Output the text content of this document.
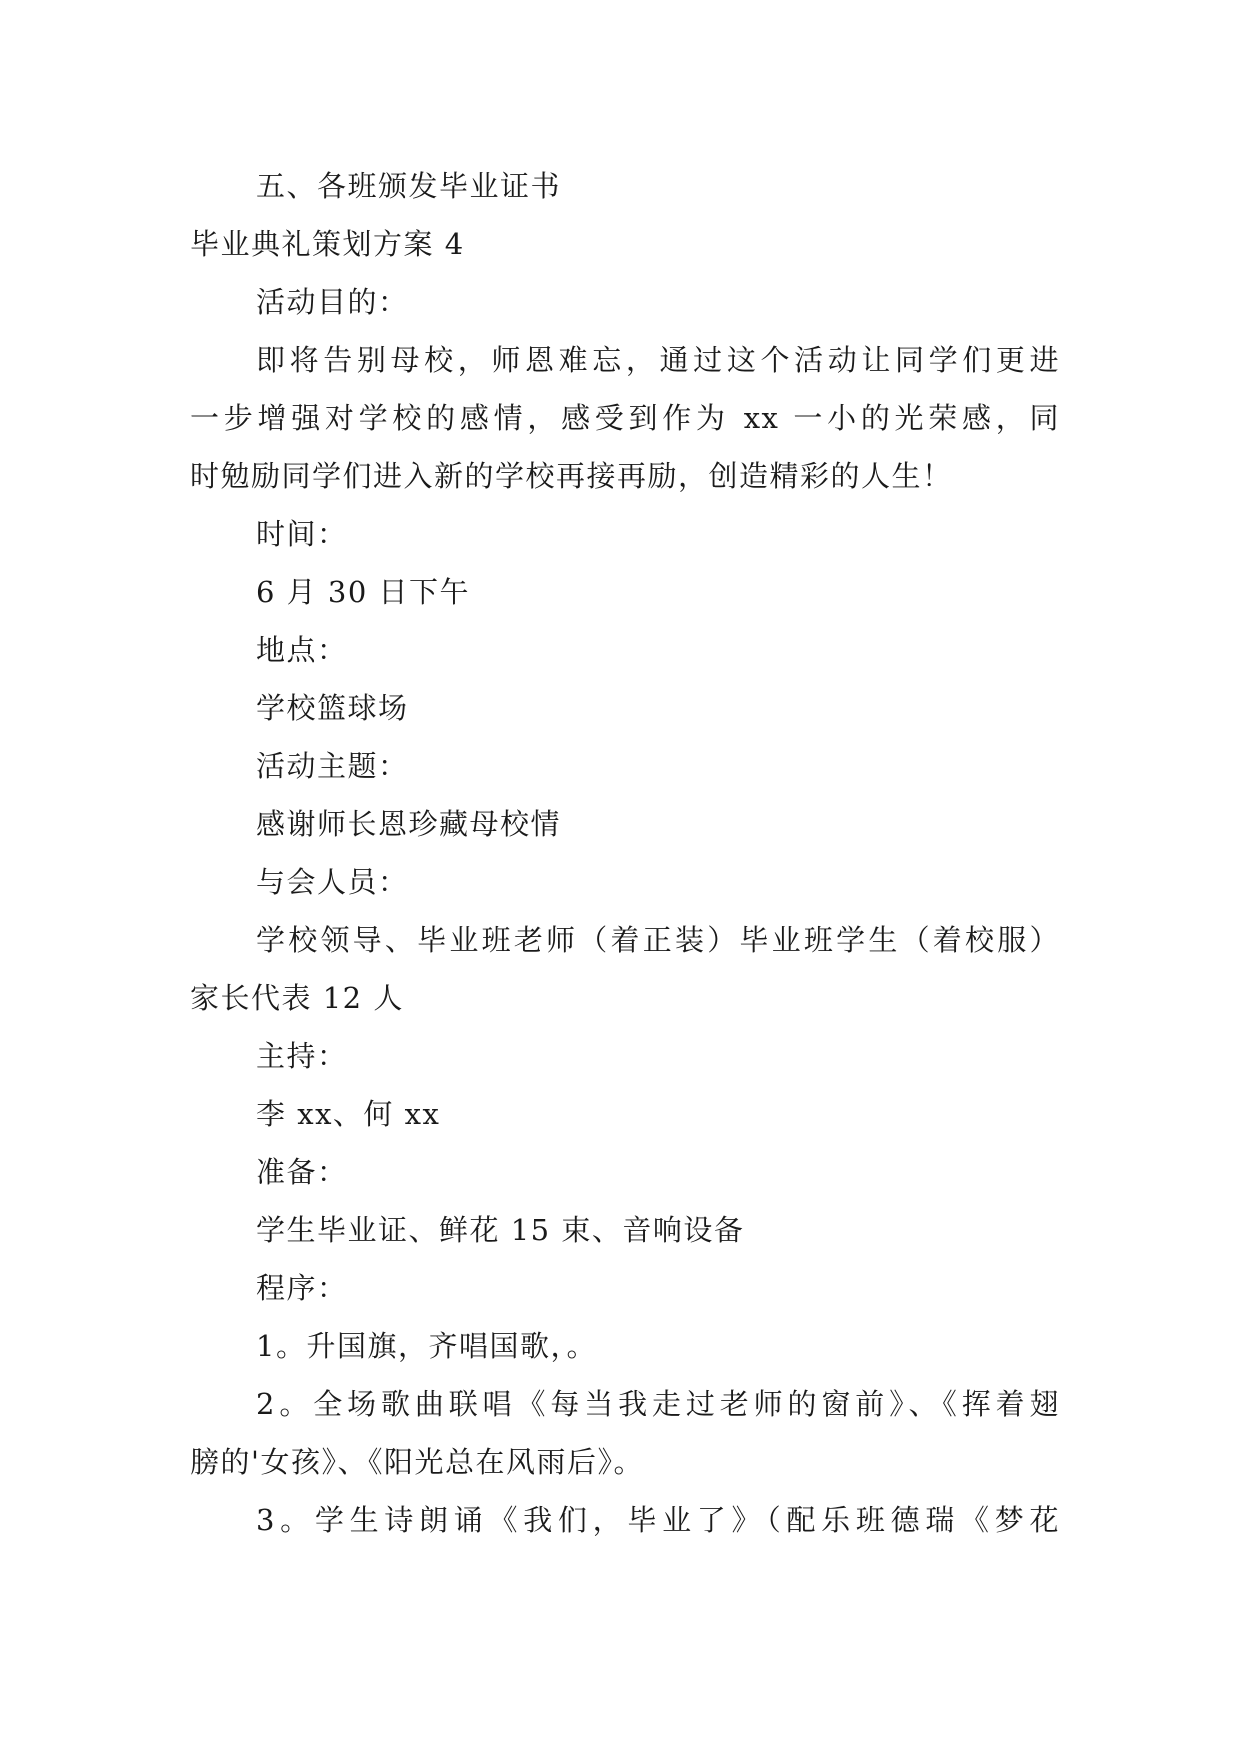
五、各班颁发毕业证书
毕业典礼策划方案 4
活动目的：
即将告别母校，师恩难忘，通过这个活动让同学们更进
一步增强对学校的感情，感受到作为 xx 一小的光荣感，同
时勉励同学们进入新的学校再接再励，创造精彩的人生！
时间：
6 月 30 日下午
地点：
学校篮球场
活动主题：
感谢师长恩珍藏母校情
与会人员：
学校领导、毕业班老师（着正装）毕业班学生（着校服）
家长代表 12 人
主持：
李 xx、何 xx
准备：
学生毕业证、鲜花 15 束、音响设备
程序：
1。升国旗，齐唱国歌，。
2。全场歌曲联唱《每当我走过老师的窗前》、《挥着翅
膀的'女孩》、《阳光总在风雨后》。
3。学生诗朗诵《我们，毕业了》（配乐班德瑞《梦花
